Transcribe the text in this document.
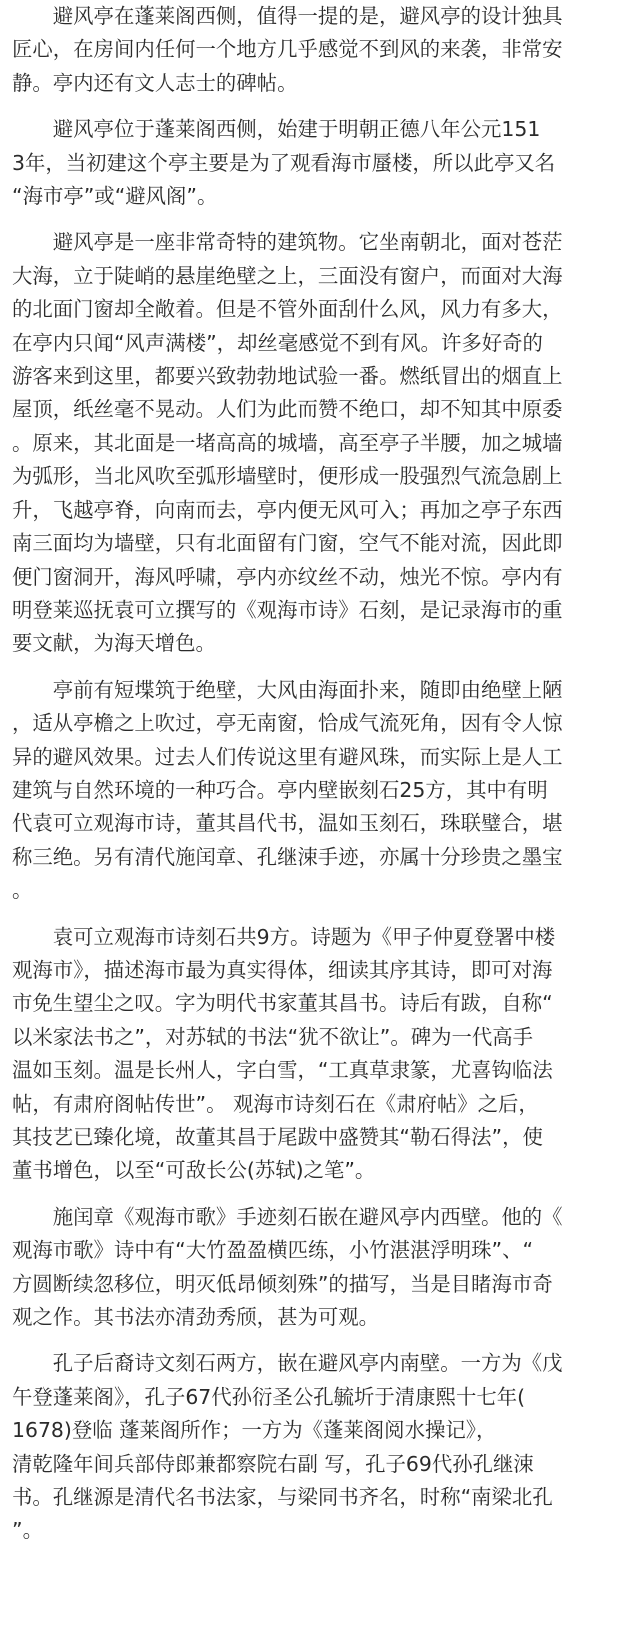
　　避风亭在蓬莱阁西侧，值得一提的是，避风亭的设计独具
匠心，在房间内任何一个地方几乎感觉不到风的来袭，非常安
静。亭内还有文人志士的碑帖。

　　避风亭位于蓬莱阁西侧，始建于明朝正德八年公元151
3年，当初建这个亭主要是为了观看海市蜃楼，所以此亭又名
“海市亭”或“避风阁”。

　　避风亭是一座非常奇特的建筑物。它坐南朝北，面对苍茫
大海，立于陡峭的悬崖绝壁之上，三面没有窗户，而面对大海
的北面门窗却全敞着。但是不管外面刮什么风，风力有多大，
在亭内只闻“风声满楼”，却丝毫感觉不到有风。许多好奇的
游客来到这里，都要兴致勃勃地试验一番。燃纸冒出的烟直上
屋顶，纸丝毫不晃动。人们为此而赞不绝口，却不知其中原委
。原来，其北面是一堵高高的城墙，高至亭子半腰，加之城墙
为弧形，当北风吹至弧形墙壁时，便形成一股强烈气流急剧上
升，飞越亭脊，向南而去，亭内便无风可入；再加之亭子东西
南三面均为墙壁，只有北面留有门窗，空气不能对流，因此即
便门窗洞开，海风呼啸，亭内亦纹丝不动，烛光不惊。亭内有
明登莱巡抚袁可立撰写的《观海市诗》石刻，是记录海市的重
要文献，为海天增色。

　　亭前有短堞筑于绝壁，大风由海面扑来，随即由绝壁上陋
，适从亭檐之上吹过，亭无南窗，恰成气流死角，因有令人惊
异的避风效果。过去人们传说这里有避风珠，而实际上是人工
建筑与自然环境的一种巧合。亭内壁嵌刻石25方，其中有明
代袁可立观海市诗，董其昌代书，温如玉刻石，珠联璧合，堪
称三绝。另有清代施闰章、孔继涑手迹，亦属十分珍贵之墨宝
。

　　袁可立观海市诗刻石共9方。诗题为《甲子仲夏登署中楼
观海市》，描述海市最为真实得体，细读其序其诗，即可对海
市免生望尘之叹。字为明代书家董其昌书。诗后有跋，自称“
以米家法书之”，对苏轼的书法“犹不欲让”。碑为一代高手
温如玉刻。温是长州人，字白雪，“工真草隶篆，尤喜钩临法
帖，有肃府阁帖传世”。 观海市诗刻石在《肃府帖》之后，
其技艺已臻化境，故董其昌于尾跋中盛赞其“勒石得法”，使
董书增色，以至“可敌长公(苏轼)之笔”。

　　施闰章《观海市歌》手迹刻石嵌在避风亭内西壁。他的《
观海市歌》诗中有“大竹盈盈横匹练，小竹湛湛浮明珠”、“
方圆断续忽移位，明灭低昂倾刻殊”的描写，当是目睹海市奇
观之作。其书法亦清劲秀颀，甚为可观。

　　孔子后裔诗文刻石两方，嵌在避风亭内南壁。一方为《戊
午登蓬莱阁》，孔子67代孙衍圣公孔毓圻于清康熙十七年(
1678)登临 蓬莱阁所作；一方为《蓬莱阁阅水操记》，
清乾隆年间兵部侍郎兼都察院右副 写，孔子69代孙孔继涑
书。孔继源是清代名书法家，与梁同书齐名，时称“南梁北孔
”。
